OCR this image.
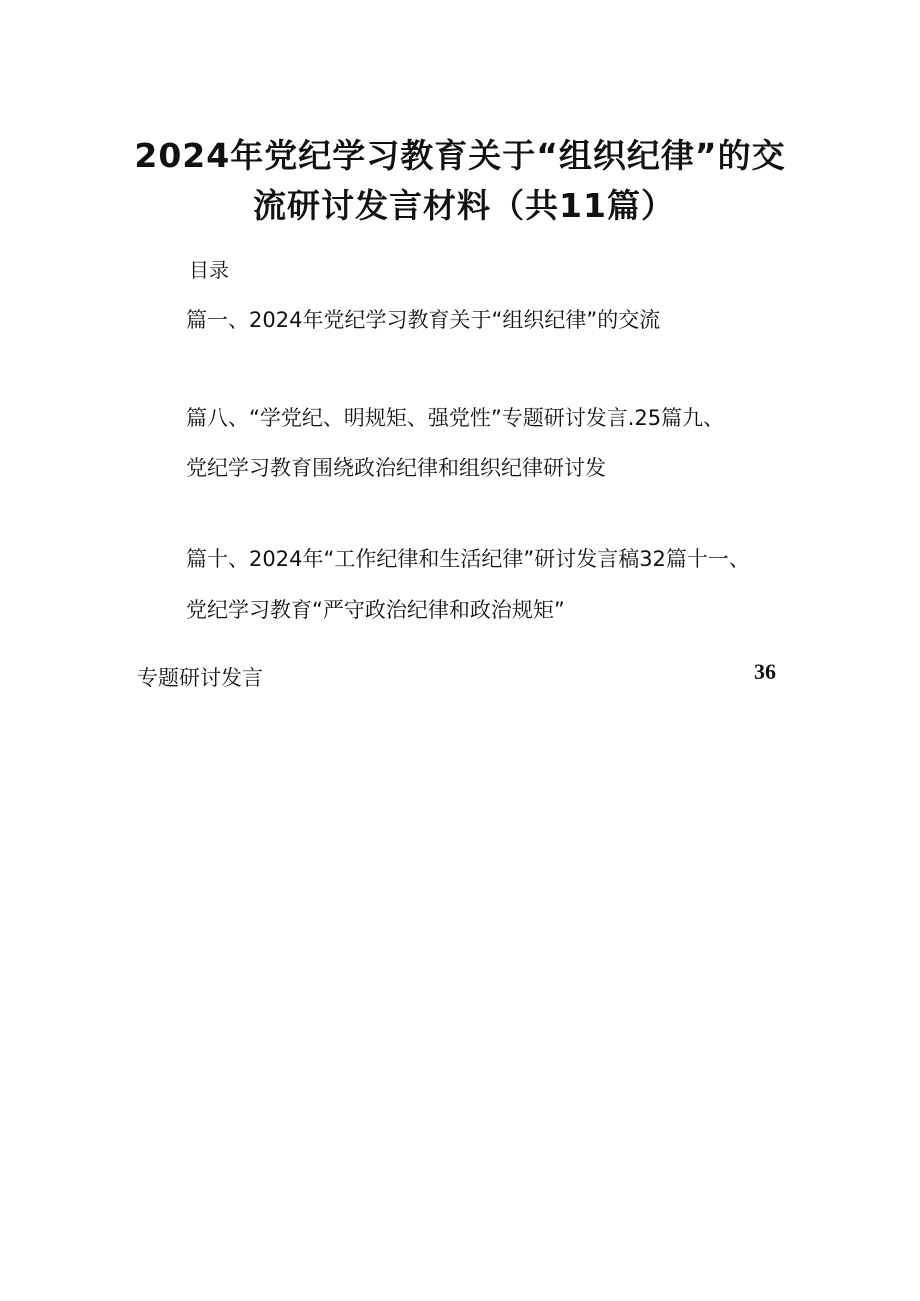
2024年党纪学习教育关于“组织纪律”的交
流研讨发言材料（共11篇）
目录
篇一、2024年党纪学习教育关于“组织纪律”的交流
篇八、“学党纪、明规矩、强党性”专题研讨发言.25篇九、
党纪学习教育围绕政治纪律和组织纪律研讨发
篇十、2024年“工作纪律和生活纪律”研讨发言稿32篇十一、
党纪学习教育“严守政治纪律和政治规矩”
专题研讨发言	36
